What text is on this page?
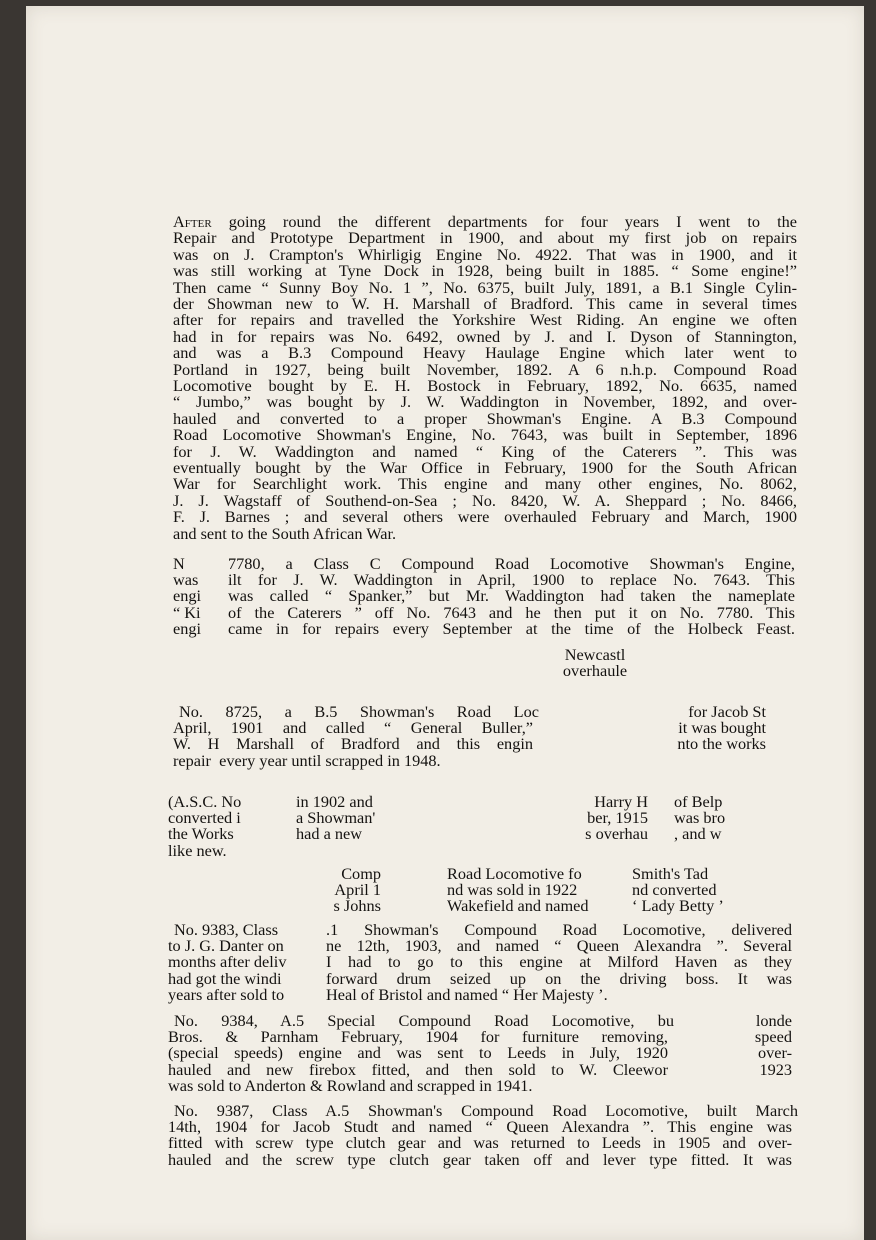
After going round the different departments for four years I went to the
Repair and Prototype Department in 1900, and about my first job on repairs
was on J. Crampton's Whirligig Engine No. 4922. That was in 1900, and it
was still working at Tyne Dock in 1928, being built in 1885. “ Some engine!”
Then came “ Sunny Boy No. 1 ”, No. 6375, built July, 1891, a B.1 Single Cylin-
der Showman new to W. H. Marshall of Bradford. This came in several times
after for repairs and travelled the Yorkshire West Riding. An engine we often
had in for repairs was No. 6492, owned by J. and I. Dyson of Stannington,
and was a B.3 Compound Heavy Haulage Engine which later went to
Portland in 1927, being built November, 1892. A 6 n.h.p. Compound Road
Locomotive bought by E. H. Bostock in February, 1892, No. 6635, named
“ Jumbo,” was bought by J. W. Waddington in November, 1892, and over-
hauled and converted to a proper Showman's Engine. A B.3 Compound
Road Locomotive Showman's Engine, No. 7643, was built in September, 1896
for J. W. Waddington and named “ King of the Caterers ”. This was
eventually bought by the War Office in February, 1900 for the South African
War for Searchlight work. This engine and many other engines, No. 8062,
J. J. Wagstaff of Southend-on-Sea ; No. 8420, W. A. Sheppard ; No. 8466,
F. J. Barnes ; and several others were overhauled February and March, 1900
and sent to the South African War.
N
was
engi
“ Ki
engi
7780, a Class C Compound Road Locomotive Showman's Engine,
ilt for J. W. Waddington in April, 1900 to replace No. 7643. This
was called “ Spanker,” but Mr. Waddington had taken the nameplate
of the Caterers ” off No. 7643 and he then put it on No. 7780. This
came in for repairs every September at the time of the Holbeck Feast.
Newcastl
overhaule
No. 8725, a B.5 Showman's Road Loc
April, 1901 and called “ General Buller,”
W. H Marshall of Bradford and this engin
repair  every year until scrapped in 1948.
for Jacob St
it was bought
nto the works
(A.S.C. No
converted i
the Works
like new.
in 1902 and
a Showman'
had a new
Harry H
ber, 1915
s overhau
of Belp
was bro
, and w
Comp
April 1
s Johns
Road Locomotive fo
nd was sold in 1922
Wakefield and named
Smith's Tad
nd converted
‘ Lady Betty ’
No. 9383, Class
to J. G. Danter on
months after deliv
had got the windi
years after sold to
.1 Showman's Compound Road Locomotive, delivered
ne 12th, 1903, and named “ Queen Alexandra ”. Several
I had to go to this engine at Milford Haven as they
forward drum seized up on the driving boss. It was
Heal of Bristol and named “ Her Majesty ’.
No. 9384, A.5 Special Compound Road Locomotive, bu
Bros. & Parnham February, 1904 for furniture removing,
(special speeds) engine and was sent to Leeds in July, 1920
hauled and new firebox fitted, and then sold to W. Cleewor
was sold to Anderton & Rowland and scrapped in 1941.
londe
speed
over-
1923
No. 9387, Class A.5 Showman's Compound Road Locomotive, built March
14th, 1904 for Jacob Studt and named “ Queen Alexandra ”. This engine was
fitted with screw type clutch gear and was returned to Leeds in 1905 and over-
hauled and the screw type clutch gear taken off and lever type fitted. It was
